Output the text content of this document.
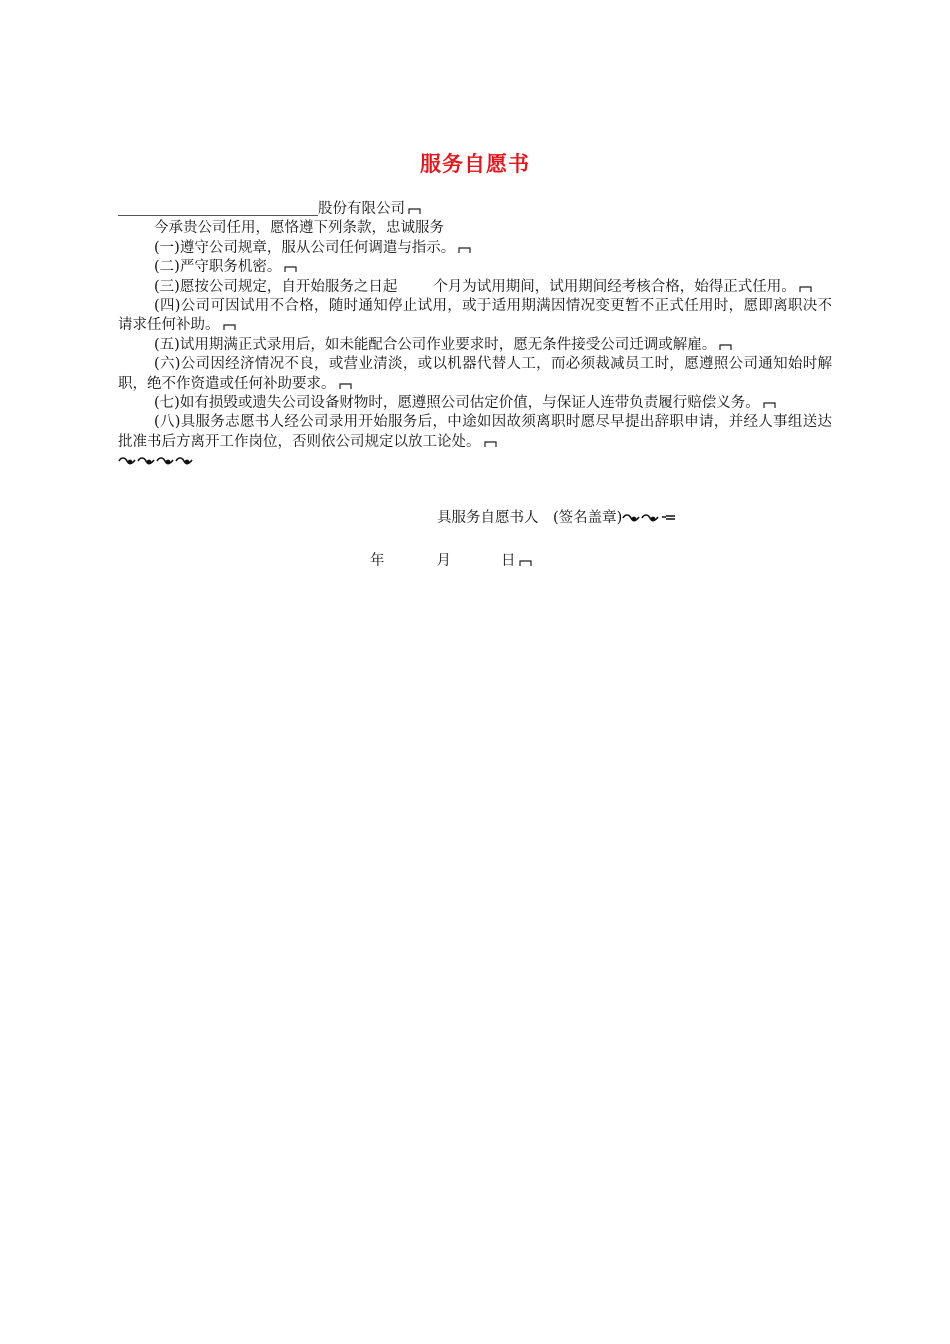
服务自愿书
股份有限公司
今承贵公司任用，愿恪遵下列条款，忠诚服务
(一)遵守公司规章，服从公司任何调遣与指示。
(二)严守职务机密。
(三)愿按公司规定，自开始服务之日起 个月为试用期间，试用期间经考核合格，始得正式任用。
(四)公司可因试用不合格，随时通知停止试用，或于适用期满因情况变更暂不正式任用时，愿即离职决不请求任何补助。
(五)试用期满正式录用后，如未能配合公司作业要求时，愿无条件接受公司迁调或解雇。
(六)公司因经济情况不良，或营业清淡，或以机器代替人工，而必须裁减员工时，愿遵照公司通知始时解职，绝不作资遣或任何补助要求。
(七)如有损毁或遗失公司设备财物时，愿遵照公司估定价值，与保证人连带负责履行赔偿义务。
(八)具服务志愿书人经公司录用开始服务后，中途如因故须离职时愿尽早提出辞职申请，并经人事组送达批准书后方离开工作岗位，否则依公司规定以放工论处。
具服务自愿书人　(签名盖章)
年	月	日
